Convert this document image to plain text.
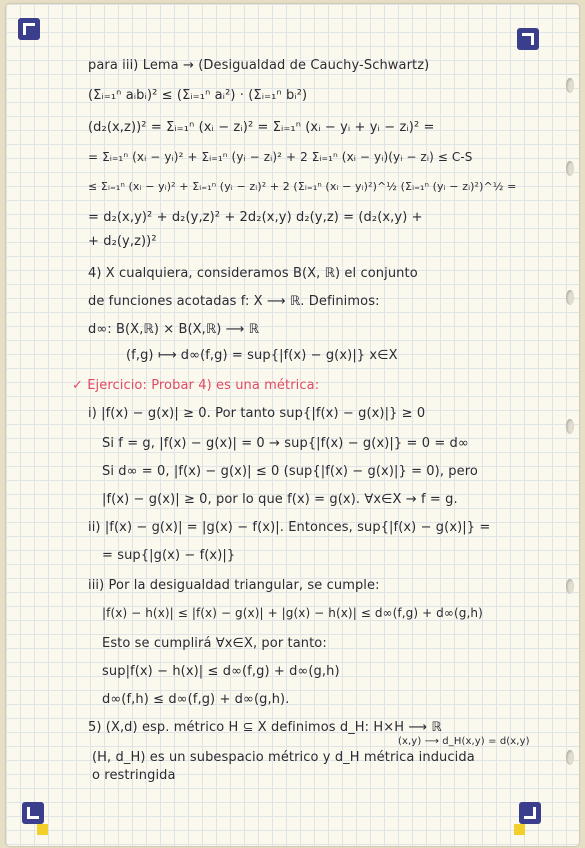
para iii) Lema → (Desigualdad de Cauchy-Schwartz)
(Σᵢ₌₁ⁿ aᵢbᵢ)² ≤ (Σᵢ₌₁ⁿ aᵢ²) · (Σᵢ₌₁ⁿ bᵢ²)
(d₂(x,z))² = Σᵢ₌₁ⁿ (xᵢ − zᵢ)² = Σᵢ₌₁ⁿ (xᵢ − yᵢ + yᵢ − zᵢ)² =
= Σᵢ₌₁ⁿ (xᵢ − yᵢ)² + Σᵢ₌₁ⁿ (yᵢ − zᵢ)² + 2 Σᵢ₌₁ⁿ (xᵢ − yᵢ)(yᵢ − zᵢ) ≤ C-S
≤ Σᵢ₌₁ⁿ (xᵢ − yᵢ)² + Σᵢ₌₁ⁿ (yᵢ − zᵢ)² + 2 (Σᵢ₌₁ⁿ (xᵢ − yᵢ)²)^½ (Σᵢ₌₁ⁿ (yᵢ − zᵢ)²)^½ =
= d₂(x,y)² + d₂(y,z)² + 2d₂(x,y) d₂(y,z) = (d₂(x,y) +
+ d₂(y,z))²
4) X cualquiera, consideramos B(X, ℝ) el conjunto
de funciones acotadas f: X ⟶ ℝ. Definimos:
d∞: B(X,ℝ) × B(X,ℝ) ⟶ ℝ
(f,g) ⟼ d∞(f,g) = sup{|f(x) − g(x)|} x∈X
✓ Ejercicio: Probar 4) es una métrica:
i) |f(x) − g(x)| ≥ 0. Por tanto sup{|f(x) − g(x)|} ≥ 0
Si f = g, |f(x) − g(x)| = 0 → sup{|f(x) − g(x)|} = 0 = d∞
Si d∞ = 0, |f(x) − g(x)| ≤ 0 (sup{|f(x) − g(x)|} = 0), pero
|f(x) − g(x)| ≥ 0, por lo que f(x) = g(x). ∀x∈X → f = g.
ii) |f(x) − g(x)| = |g(x) − f(x)|. Entonces, sup{|f(x) − g(x)|} =
= sup{|g(x) − f(x)|}
iii) Por la desigualdad triangular, se cumple:
|f(x) − h(x)| ≤ |f(x) − g(x)| + |g(x) − h(x)| ≤ d∞(f,g) + d∞(g,h)
Esto se cumplirá ∀x∈X, por tanto:
sup|f(x) − h(x)| ≤ d∞(f,g) + d∞(g,h)
d∞(f,h) ≤ d∞(f,g) + d∞(g,h).
5) (X,d) esp. métrico H ⊆ X definimos d_H: H×H ⟶ ℝ
(x,y) ⟶ d_H(x,y) = d(x,y)
(H, d_H) es un subespacio métrico y d_H métrica inducida
o restringida
